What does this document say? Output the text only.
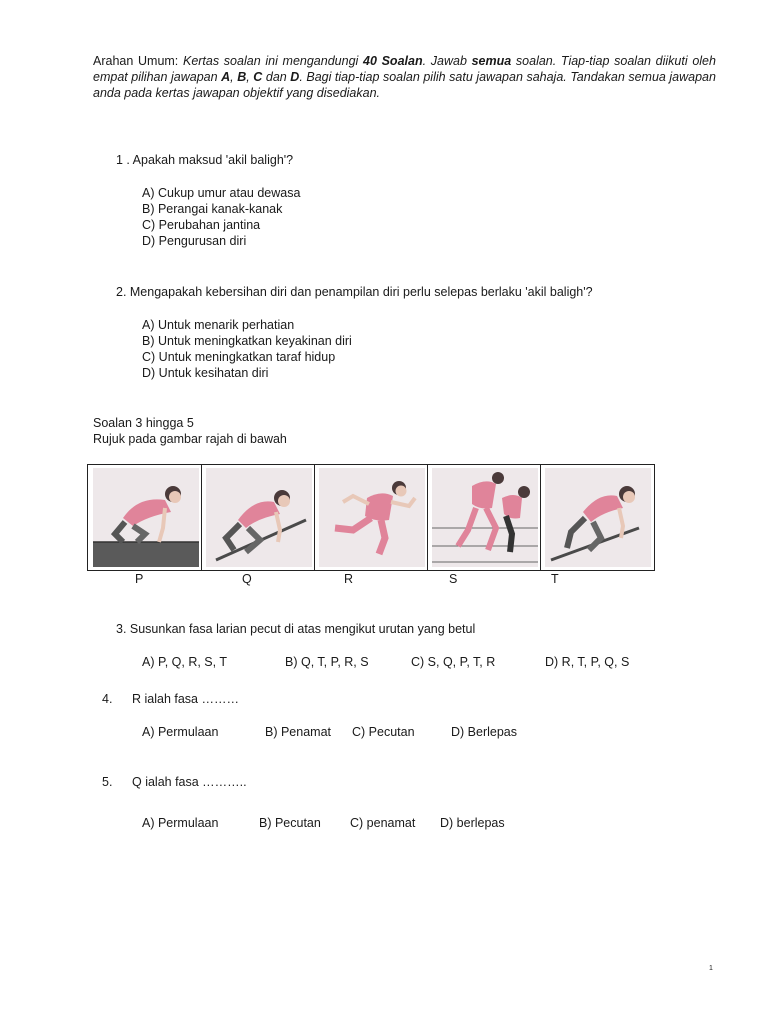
Arahan Umum: Kertas soalan ini mengandungi 40 Soalan. Jawab semua soalan. Tiap-tiap soalan diikuti oleh empat pilihan jawapan A, B, C dan D. Bagi tiap-tiap soalan pilih satu jawapan sahaja. Tandakan semua jawapan anda pada kertas jawapan objektif yang disediakan.
1 . Apakah maksud 'akil baligh'?
A) Cukup umur atau dewasa
B) Perangai kanak-kanak
C) Perubahan jantina
D) Pengurusan diri
2. Mengapakah kebersihan diri dan penampilan diri perlu selepas berlaku 'akil baligh'?
A) Untuk menarik perhatian
B) Untuk meningkatkan keyakinan diri
C) Untuk meningkatkan taraf hidup
D) Untuk kesihatan diri
Soalan 3 hingga 5
Rujuk pada gambar rajah di bawah
P	Q	R	S	T
3. Susunkan fasa larian pecut di atas mengikut urutan yang betul
A) P, Q, R, S, T	B) Q, T, P, R, S	C) S, Q, P, T, R	D) R, T, P, Q, S
4. R ialah fasa ………
A) Permulaan	B) Penamat C) Pecutan	D) Berlepas
5. Q ialah fasa ………..
A) Permulaan	B) Pecutan C) penamat D) berlepas
1
